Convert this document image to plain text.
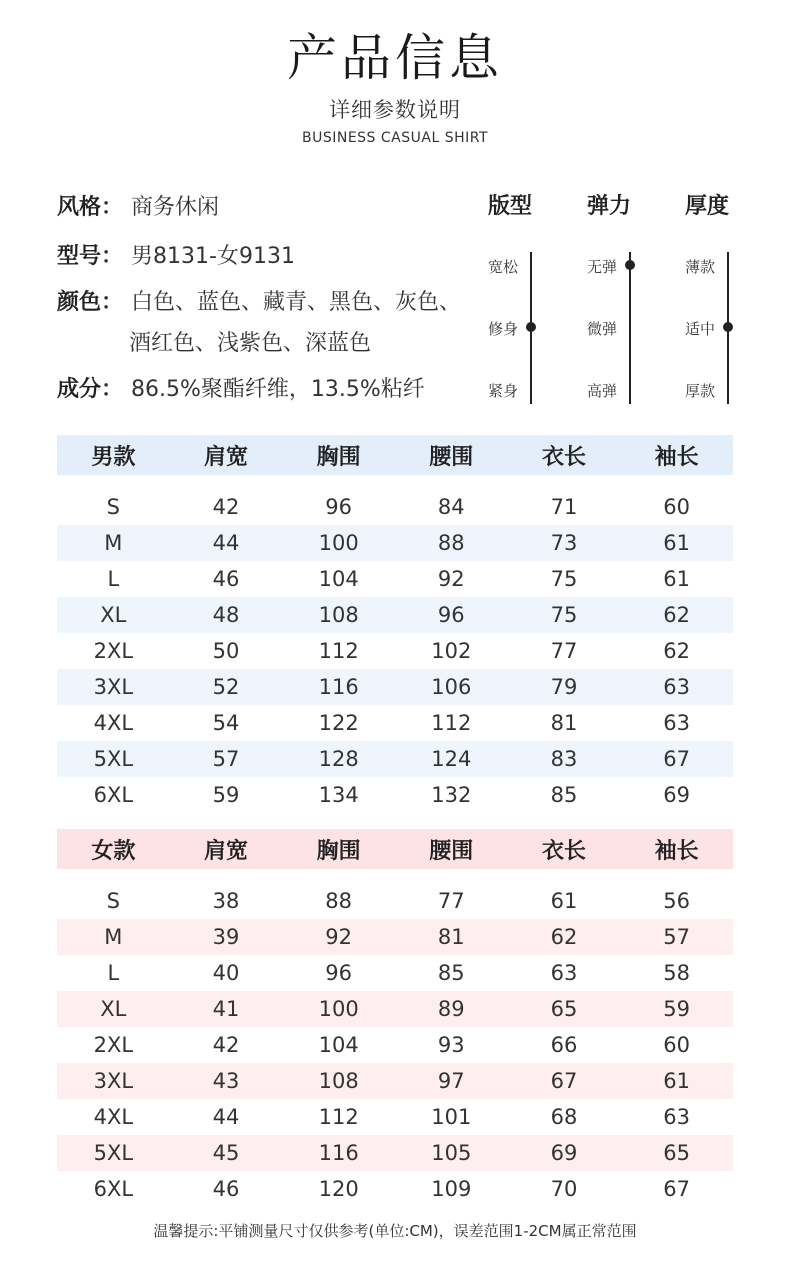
产品信息
详细参数说明
BUSINESS CASUAL SHIRT
风格 ： 商务休闲
型号 ： 男8131-女9131
颜色 ： 白色、蓝色、藏青、黑色、灰色、
酒红色、浅紫色、深蓝色
成分 ： 86.5%聚酯纤维，13.5%粘纤
版型 弹力 厚度
宽松
修身
紧身
无弹
微弹
高弹
薄款
适中
厚款
男款	肩宽	胸围	腰围	衣长	袖长

S	42	96	84	71	60
M	44	100	88	73	61
L	46	104	92	75	61
XL	48	108	96	75	62
2XL	50	112	102	77	62
3XL	52	116	106	79	63
4XL	54	122	112	81	63
5XL	57	128	124	83	67
6XL	59	134	132	85	69
女款	肩宽	胸围	腰围	衣长	袖长

S	38	88	77	61	56
M	39	92	81	62	57
L	40	96	85	63	58
XL	41	100	89	65	59
2XL	42	104	93	66	60
3XL	43	108	97	67	61
4XL	44	112	101	68	63
5XL	45	116	105	69	65
6XL	46	120	109	70	67
温馨提示:平铺测量尺寸仅供参考(单位:CM)，误差范围1-2CM属正常范围
